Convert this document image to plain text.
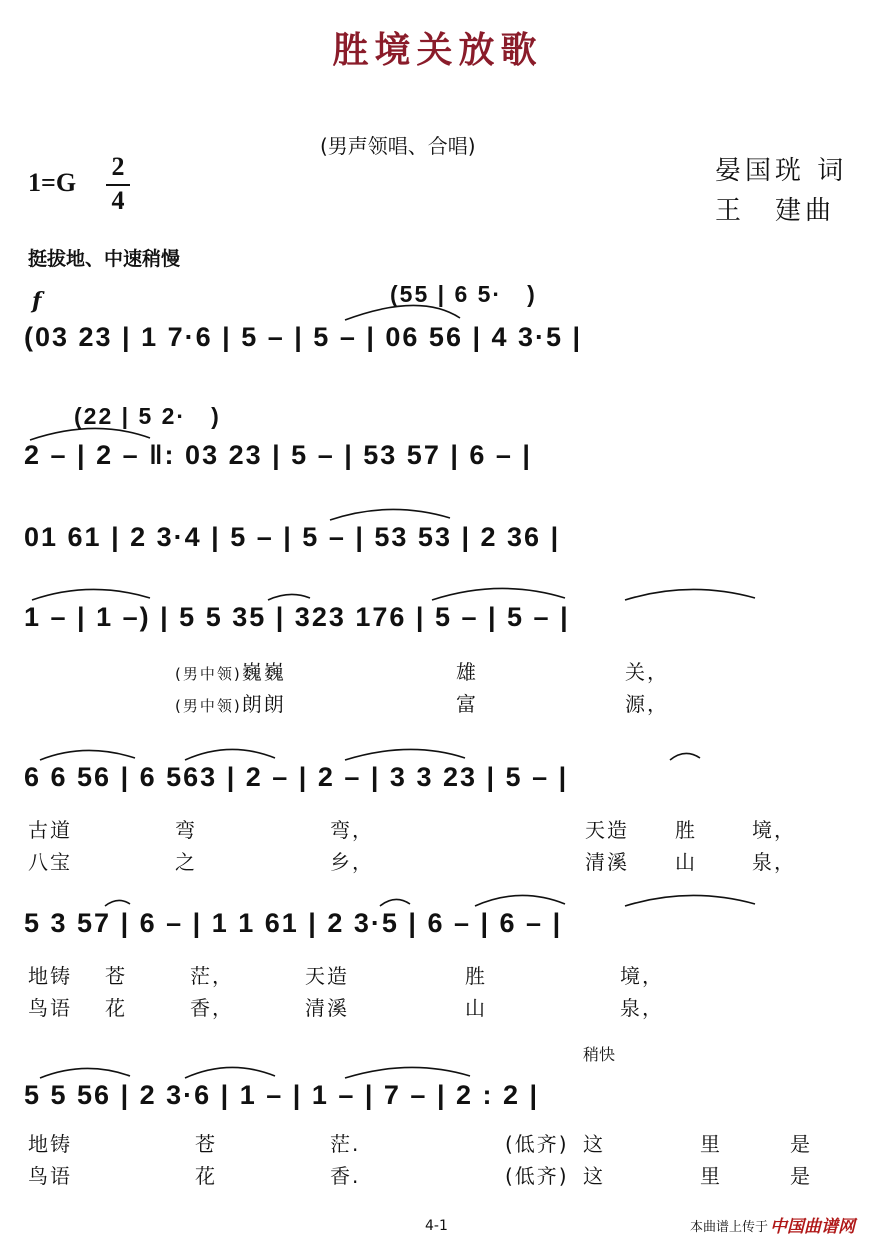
胜境关放歌
(男声领唱、合唱)
晏国珖 词
王　建曲
1=G
2
4
挺拔地、中速稍慢
f	(55 | 6 5·　)
(03 23 | 1 7·6 | 5 – | 5 – | 06 56 | 4 3·5 |
(22 | 5 2·　)
2 – | 2 – ‖: 03 23 | 5 – | 53 57 | 6 – |
01 61 | 2 3·4 | 5 – | 5 – | 53 53 | 2 36 |
1 – | 1 –) | 5 5 35 | 323 176 | 5 – | 5 – |
(男中领)巍巍	雄	关，
(男中领)朗朗	富	源，
6 6 56 | 6 563 | 2 – | 2 – | 3 3 23 | 5 – |
古道	弯	弯，	天造 胜	境，
八宝	之	乡，	清溪 山	泉，
5 3 57 | 6 – | 1 1 61 | 2 3·5 | 6 – | 6 – |
地铸 苍	茫，	天造	胜	境，
鸟语 花	香，	清溪	山	泉，
稍快
5 5 56 | 2 3·6 | 1 – | 1 – | 7 – | 2 : 2 |
地铸	苍	茫.	(低齐) 这	里	是
鸟语	花	香.	(低齐) 这	里	是
4-1	本曲谱上传于 中国曲谱网
